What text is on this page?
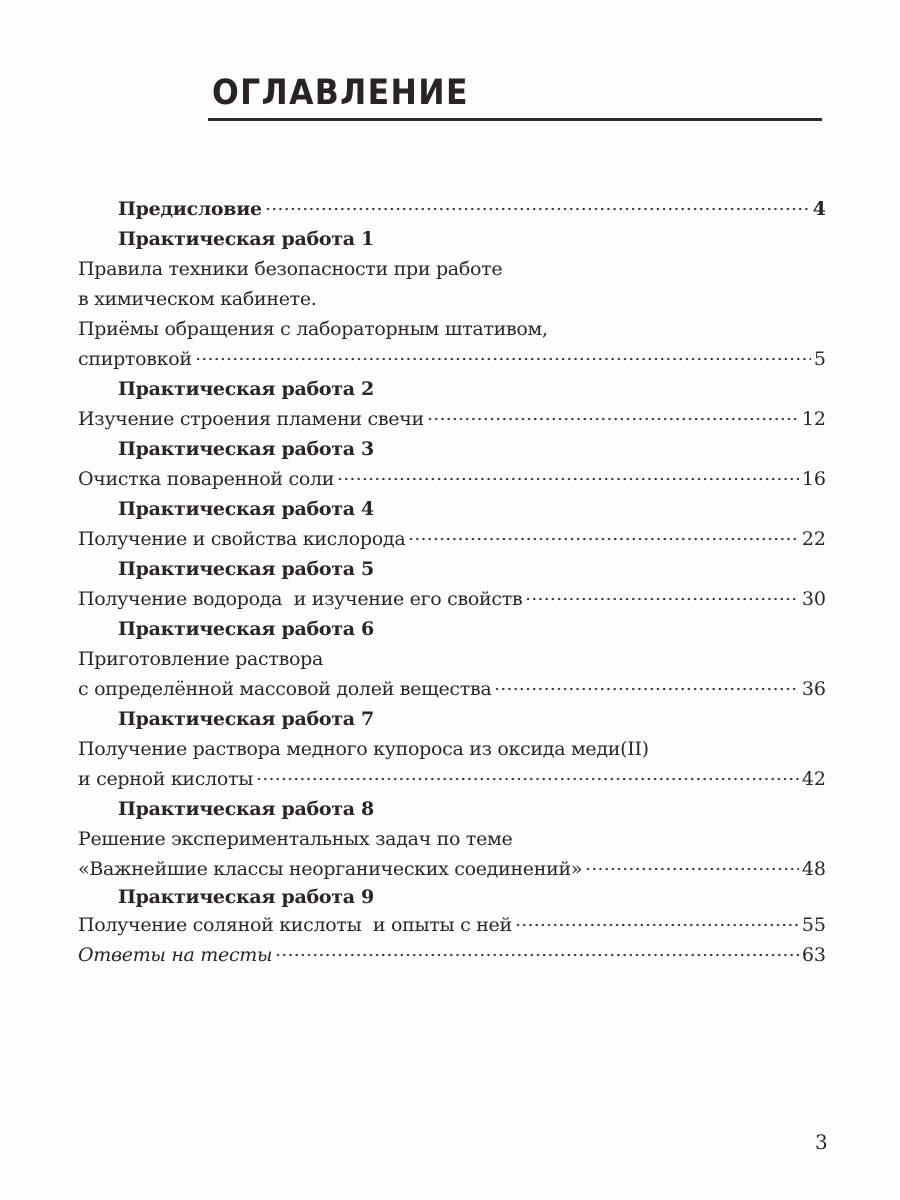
ОГЛАВЛЕНИЕ
Предисловие	4
Практическая работа 1
Правила техники безопасности при работе
в химическом кабинете.
Приёмы обращения с лабораторным штативом,
спиртовкой	5
Практическая работа 2
Изучение строения пламени свечи	12
Практическая работа 3
Очистка поваренной соли	16
Практическая работа 4
Получение и свойства кислорода	22
Практическая работа 5
Получение водорода  и изучение его свойств	30
Практическая работа 6
Приготовление раствора
с определённой массовой долей вещества	36
Практическая работа 7
Получение раствора медного купороса из оксида меди(II)
и серной кислоты	42
Практическая работа 8
Решение экспериментальных задач по теме
«Важнейшие классы неорганических соединений»	48
Практическая работа 9
Получение соляной кислоты  и опыты с ней	55
Ответы на тесты	63
3
